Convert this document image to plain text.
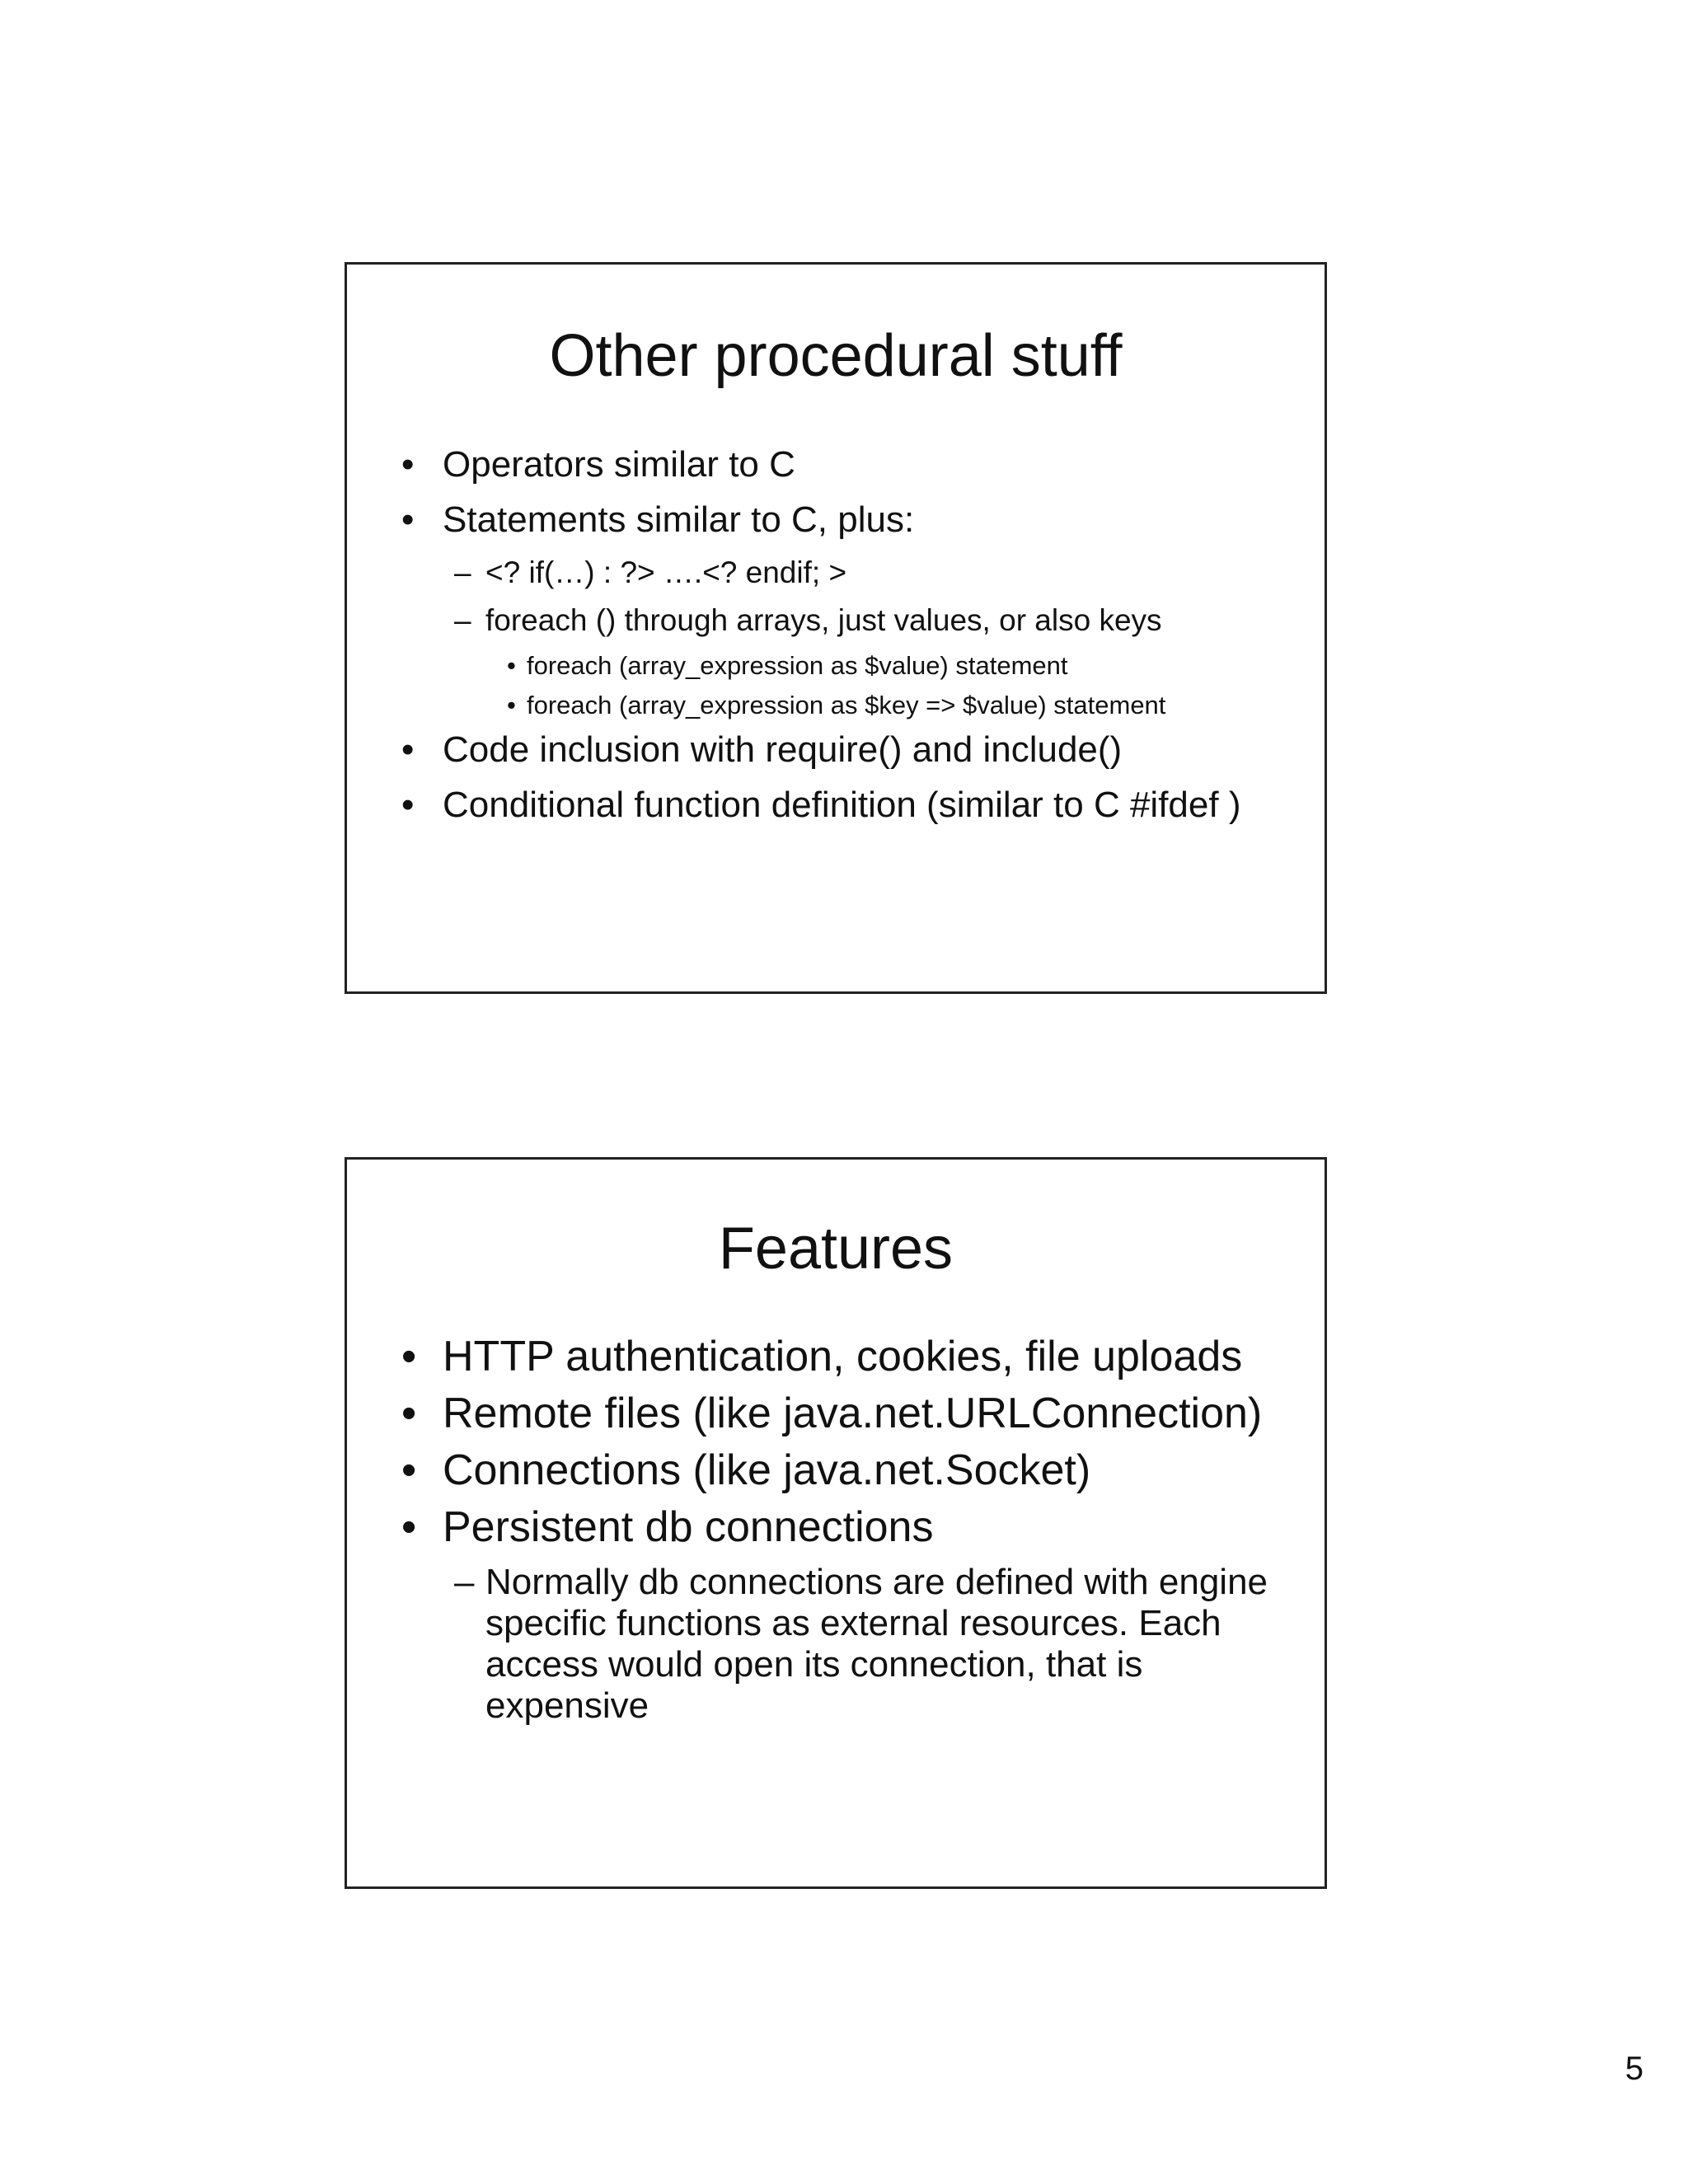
Other procedural stuff
• Operators similar to C
• Statements similar to C, plus:
– <? if(…) : ?> ….<? endif; >
– foreach () through arrays, just values, or also keys
• foreach (array_expression as $value) statement
• foreach (array_expression as $key => $value) statement
• Code inclusion with require() and include()
• Conditional function definition (similar to C #ifdef )
Features
• HTTP authentication, cookies, file uploads
• Remote files (like java.net.URLConnection)
• Connections (like java.net.Socket)
• Persistent db connections
– Normally db connections are defined with engine specific functions as external resources. Each access would open its connection, that is expensive
5
